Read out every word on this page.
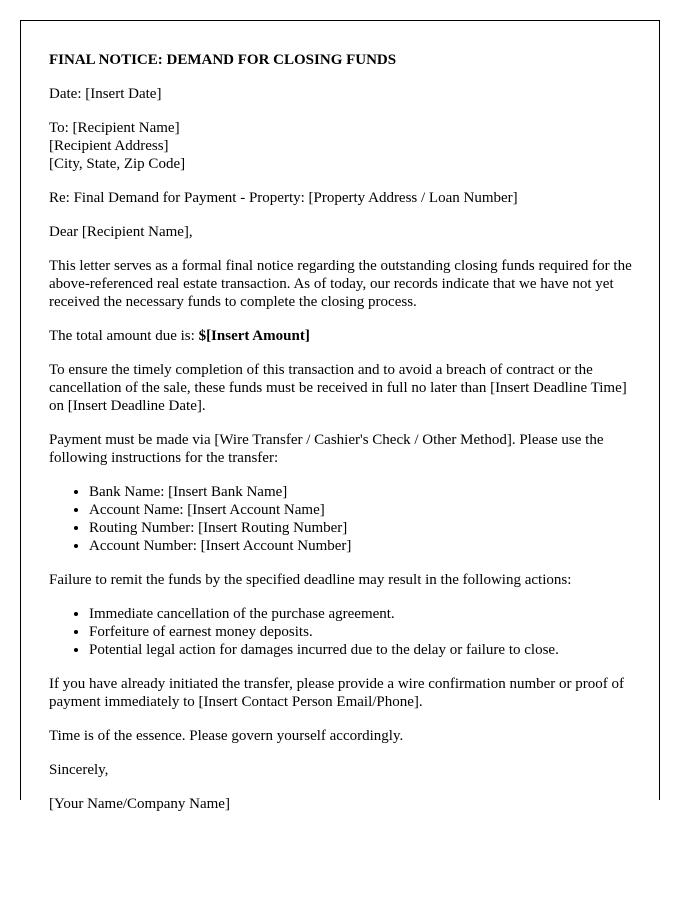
FINAL NOTICE: DEMAND FOR CLOSING FUNDS

Date: [Insert Date]

To: [Recipient Name]
[Recipient Address]
[City, State, Zip Code]

Re: Final Demand for Payment - Property: [Property Address / Loan Number]

Dear [Recipient Name],

This letter serves as a formal final notice regarding the outstanding closing funds required for the above-referenced real estate transaction. As of today, our records indicate that we have not yet received the necessary funds to complete the closing process.

The total amount due is: $[Insert Amount]

To ensure the timely completion of this transaction and to avoid a breach of contract or the cancellation of the sale, these funds must be received in full no later than [Insert Deadline Time] on [Insert Deadline Date].

Payment must be made via [Wire Transfer / Cashier's Check / Other Method]. Please use the following instructions for the transfer:

• Bank Name: [Insert Bank Name]
• Account Name: [Insert Account Name]
• Routing Number: [Insert Routing Number]
• Account Number: [Insert Account Number]

Failure to remit the funds by the specified deadline may result in the following actions:

• Immediate cancellation of the purchase agreement.
• Forfeiture of earnest money deposits.
• Potential legal action for damages incurred due to the delay or failure to close.

If you have already initiated the transfer, please provide a wire confirmation number or proof of payment immediately to [Insert Contact Person Email/Phone].

Time is of the essence. Please govern yourself accordingly.

Sincerely,

[Your Name/Company Name]
